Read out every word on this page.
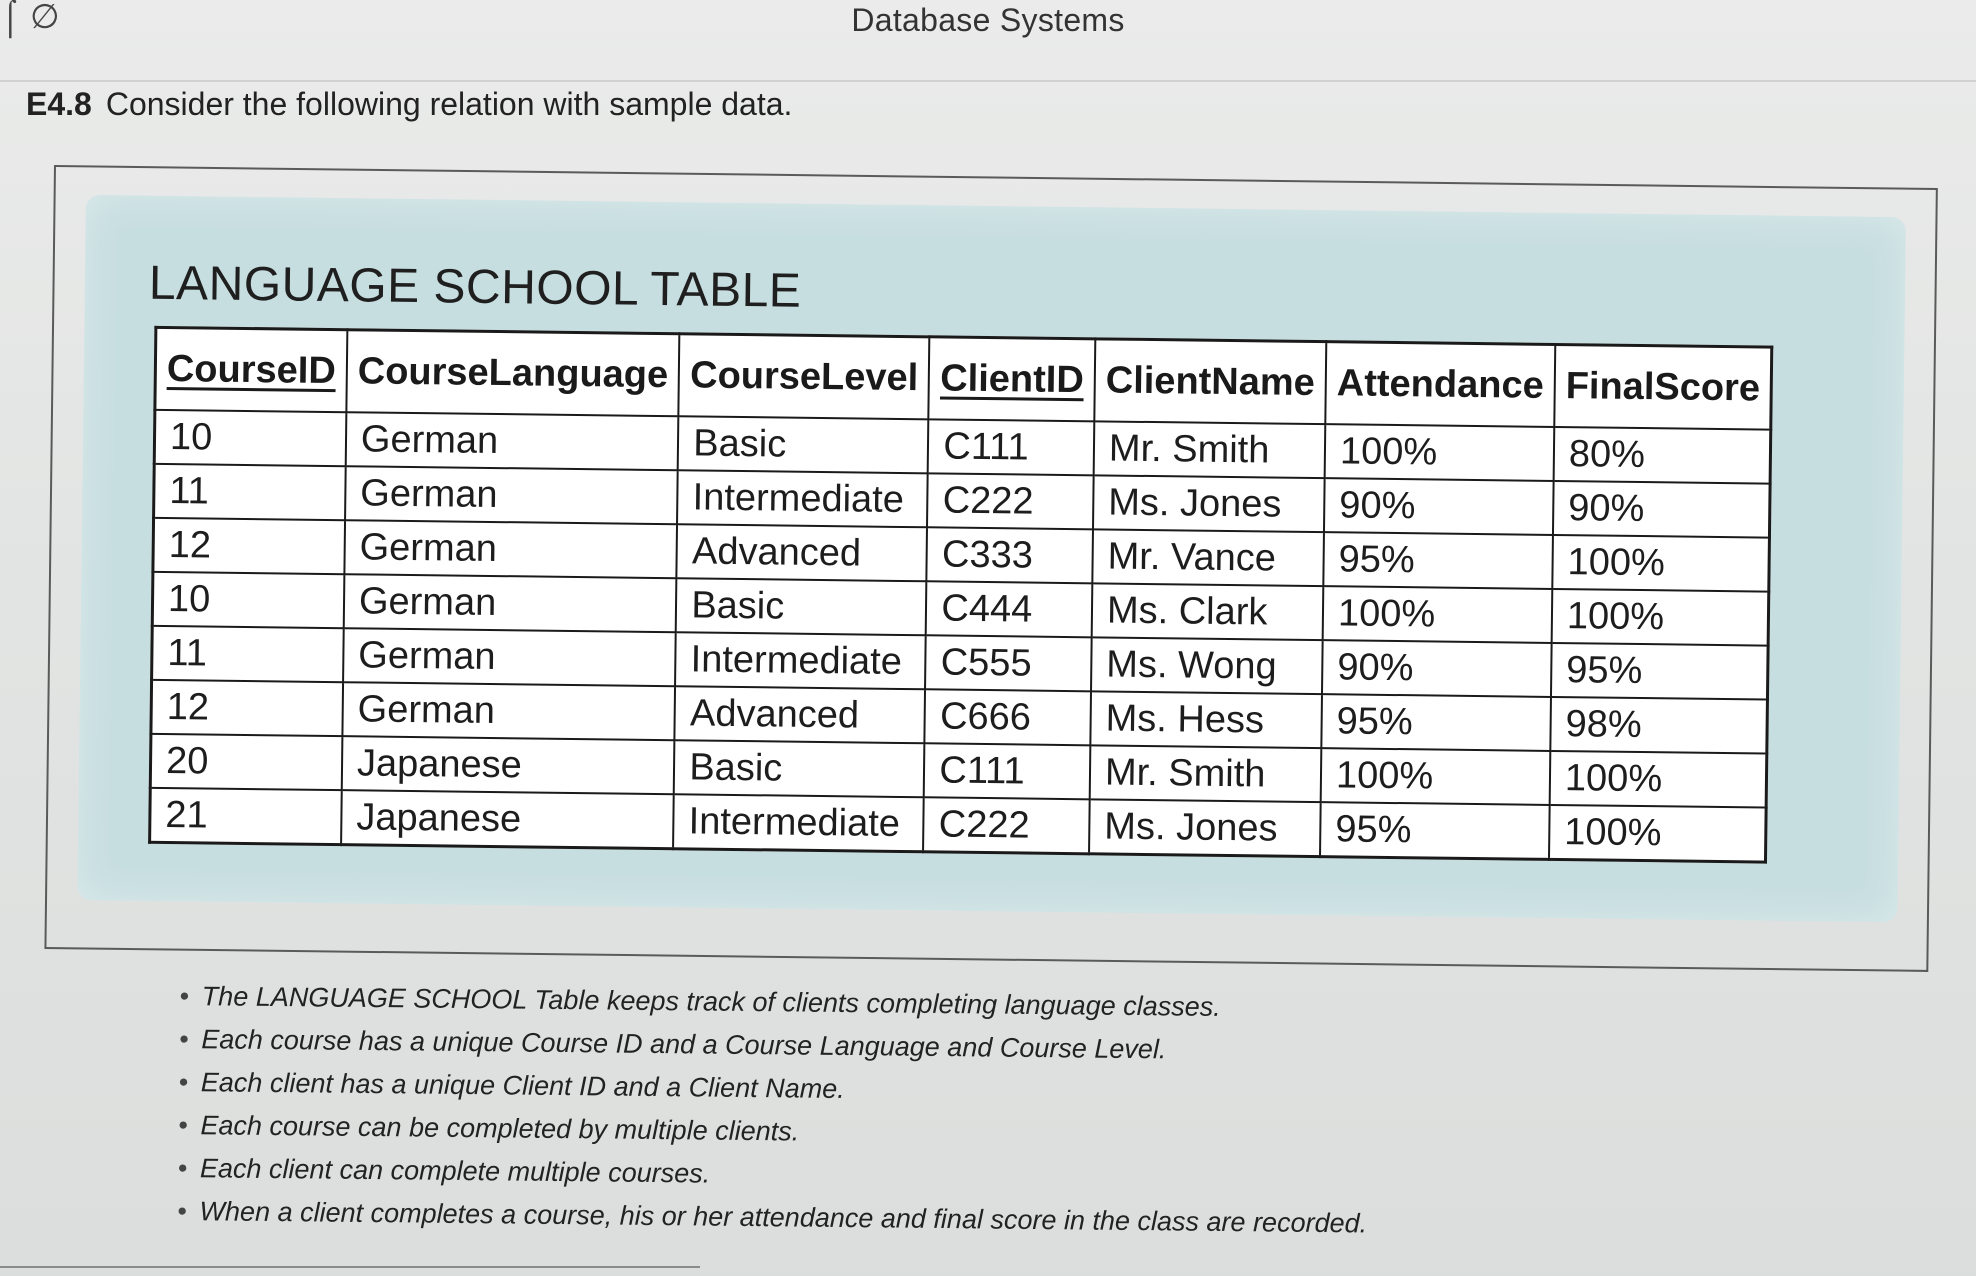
⌠ ∅	Database Systems
E4.8 Consider the following relation with sample data.
LANGUAGE SCHOOL TABLE
CourseID	CourseLanguage	CourseLevel	ClientID	ClientName	Attendance	FinalScore
10	German	Basic	C111	Mr. Smith	100%	80%
11	German	Intermediate	C222	Ms. Jones	90%	90%
12	German	Advanced	C333	Mr. Vance	95%	100%
10	German	Basic	C444	Ms. Clark	100%	100%
11	German	Intermediate	C555	Ms. Wong	90%	95%
12	German	Advanced	C666	Ms. Hess	95%	98%
20	Japanese	Basic	C111	Mr. Smith	100%	100%
21	Japanese	Intermediate	C222	Ms. Jones	95%	100%
• The LANGUAGE SCHOOL Table keeps track of clients completing language classes.
• Each course has a unique Course ID and a Course Language and Course Level.
• Each client has a unique Client ID and a Client Name.
• Each course can be completed by multiple clients.
• Each client can complete multiple courses.
• When a client completes a course, his or her attendance and final score in the class are recorded.
